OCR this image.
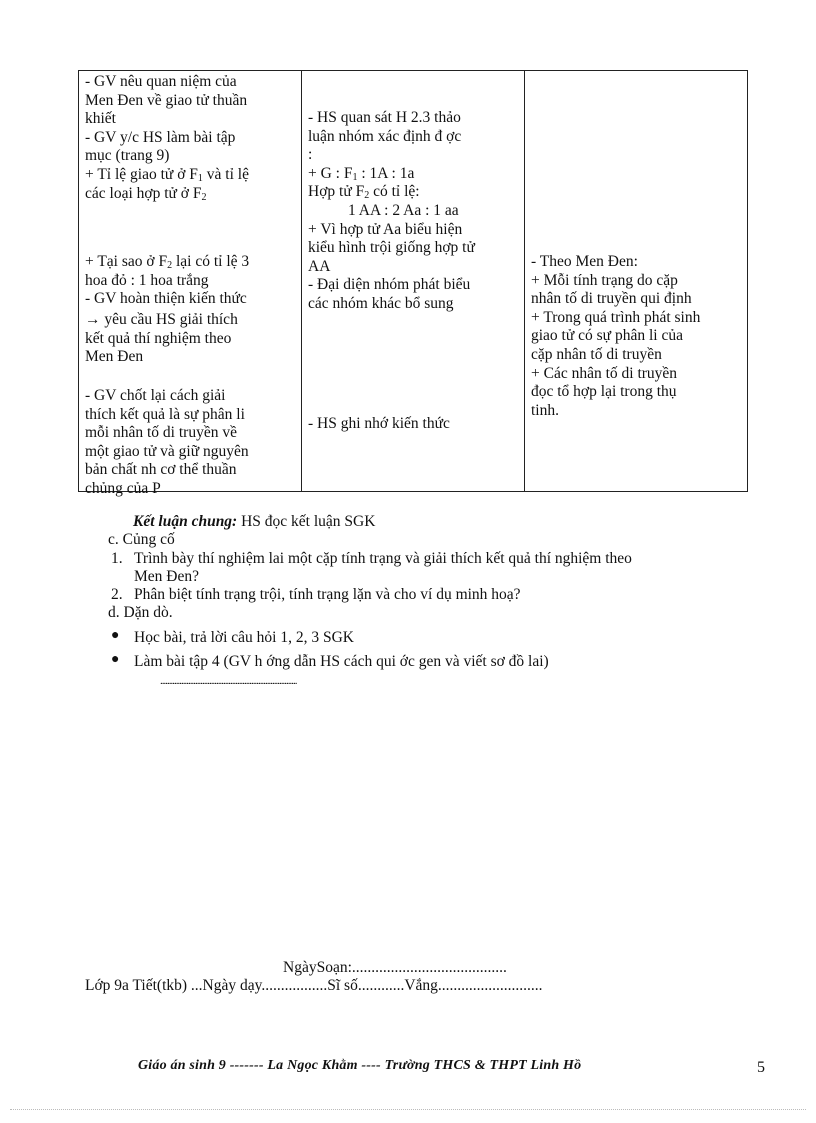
- GV nêu quan niệm của
Men Đen về giao tử thuần
khiết
- GV y/c HS làm bài tập
mục (trang 9)
+ Tỉ lệ giao tử ở $F_1$ và tỉ lệ
các loại hợp tử ở $F_2$
+ Tại sao ở $F_2$ lại có tỉ lệ 3
hoa đỏ : 1 hoa trắng
- GV hoàn thiện kiến thức
→ yêu cầu HS giải thích
kết quả thí nghiệm theo
Men Đen
- GV chốt lại cách giải
thích kết quả là sự phân li
mỗi nhân tố di truyền về
một giao tử và giữ nguyên
bản chất nh cơ thể thuần
chủng của P

- HS quan sát H 2.3 thảo
luận nhóm xác định đ ợc
:
+ G : $F_1$ : 1A : 1a
Hợp tử $F_2$ có tỉ lệ:
1 AA : 2 Aa : 1 aa
+ Vì hợp tử Aa biểu hiện
kiểu hình trội giống hợp tử
AA
- Đại diện nhóm phát biểu
các nhóm khác bổ sung
- HS ghi nhớ kiến thức

- Theo Men Đen:
+ Mỗi tính trạng do cặp
nhân tố di truyền qui định
+ Trong quá trình phát sinh
giao tử có sự phân li của
cặp nhân tố di truyền
+ Các nhân tố di truyền
đọc tổ hợp lại trong thụ
tinh.
Kết luận chung: HS đọc kết luận SGK
c. Củng cố
1. Trình bày thí nghiệm lai một cặp tính trạng và giải thích kết quả thí nghiệm theo
Men Đen?
2. Phân biệt tính trạng trội, tính trạng lặn và cho ví dụ minh hoạ?
d. Dặn dò.
● Học bài, trả lời câu hỏi 1, 2, 3 SGK
● Làm bài tập 4 (GV h ớng dẫn HS cách qui ớc gen và viết sơ đồ lai)
..............................................................................
NgàySoạn:........................................
Lớp 9a Tiết(tkb) ...Ngày dạy.................Sĩ số............Vắng...........................
Giáo án sinh 9 ------- La Ngọc Khằm ---- Trường THCS & THPT Linh Hồ	5
